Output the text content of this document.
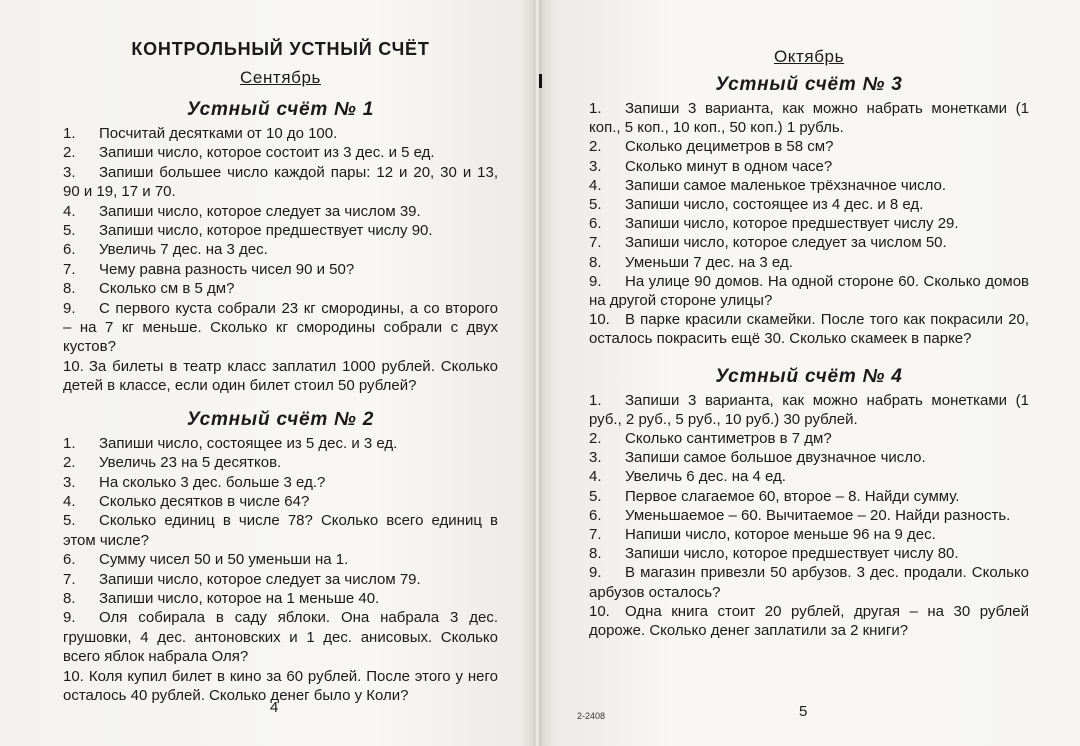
КОНТРОЛЬНЫЙ УСТНЫЙ СЧЁТ
Сентябрь
Устный счёт № 1

1. Посчитай десятками от 10 до 100.

2. Запиши число, которое состоит из 3 дес. и 5 ед.

3. Запиши большее число каждой пары: 12 и 20, 30 и 13, 90 и 19, 17 и 70.

4. Запиши число, которое следует за числом 39.

5. Запиши число, которое предшествует числу 90.

6. Увеличь 7 дес. на 3 дес.

7. Чему равна разность чисел 90 и 50?

8. Сколько см в 5 дм?

9. С первого куста собрали 23 кг смородины, а со второго – на 7 кг меньше. Сколько кг смородины собрали с двух кустов?

10. За билеты в театр класс заплатил 1000 рублей. Сколько детей в классе, если один билет стоил 50 рублей?

Устный счёт № 2

1. Запиши число, состоящее из 5 дес. и 3 ед.

2. Увеличь 23 на 5 десятков.

3. На сколько 3 дес. больше 3 ед.?

4. Сколько десятков в числе 64?

5. Сколько единиц в числе 78? Сколько всего единиц в этом числе?

6. Сумму чисел 50 и 50 уменьши на 1.

7. Запиши число, которое следует за числом 79.

8. Запиши число, которое на 1 меньше 40.

9. Оля собирала в саду яблоки. Она набрала 3 дес. грушовки, 4 дес. антоновских и 1 дес. анисовых. Сколько всего яблок набрала Оля?

10. Коля купил билет в кино за 60 рублей. После этого у него осталось 40 рублей. Сколько денег было у Коли?

4
Октябрь
Устный счёт № 3

1. Запиши 3 варианта, как можно набрать монетками (1 коп., 5 коп., 10 коп., 50 коп.) 1 рубль.

2. Сколько дециметров в 58 см?

3. Сколько минут в одном часе?

4. Запиши самое маленькое трёхзначное число.

5. Запиши число, состоящее из 4 дес. и 8 ед.

6. Запиши число, которое предшествует числу 29.

7. Запиши число, которое следует за числом 50.

8. Уменьши 7 дес. на 3 ед.

9. На улице 90 домов. На одной стороне 60. Сколько домов на другой стороне улицы?

10. В парке красили скамейки. После того как покрасили 20, осталось покрасить ещё 30. Сколько скамеек в парке?

Устный счёт № 4

1. Запиши 3 варианта, как можно набрать монетками (1 руб., 2 руб., 5 руб., 10 руб.) 30 рублей.

2. Сколько сантиметров в 7 дм?

3. Запиши самое большое двузначное число.

4. Увеличь 6 дес. на 4 ед.

5. Первое слагаемое 60, второе – 8. Найди сумму.

6. Уменьшаемое – 60. Вычитаемое – 20. Найди разность.

7. Напиши число, которое меньше 96 на 9 дес.

8. Запиши число, которое предшествует числу 80.

9. В магазин привезли 50 арбузов. 3 дес. продали. Сколько арбузов осталось?

10. Одна книга стоит 20 рублей, другая – на 30 рублей дороже. Сколько денег заплатили за 2 книги?

2-2408	5
